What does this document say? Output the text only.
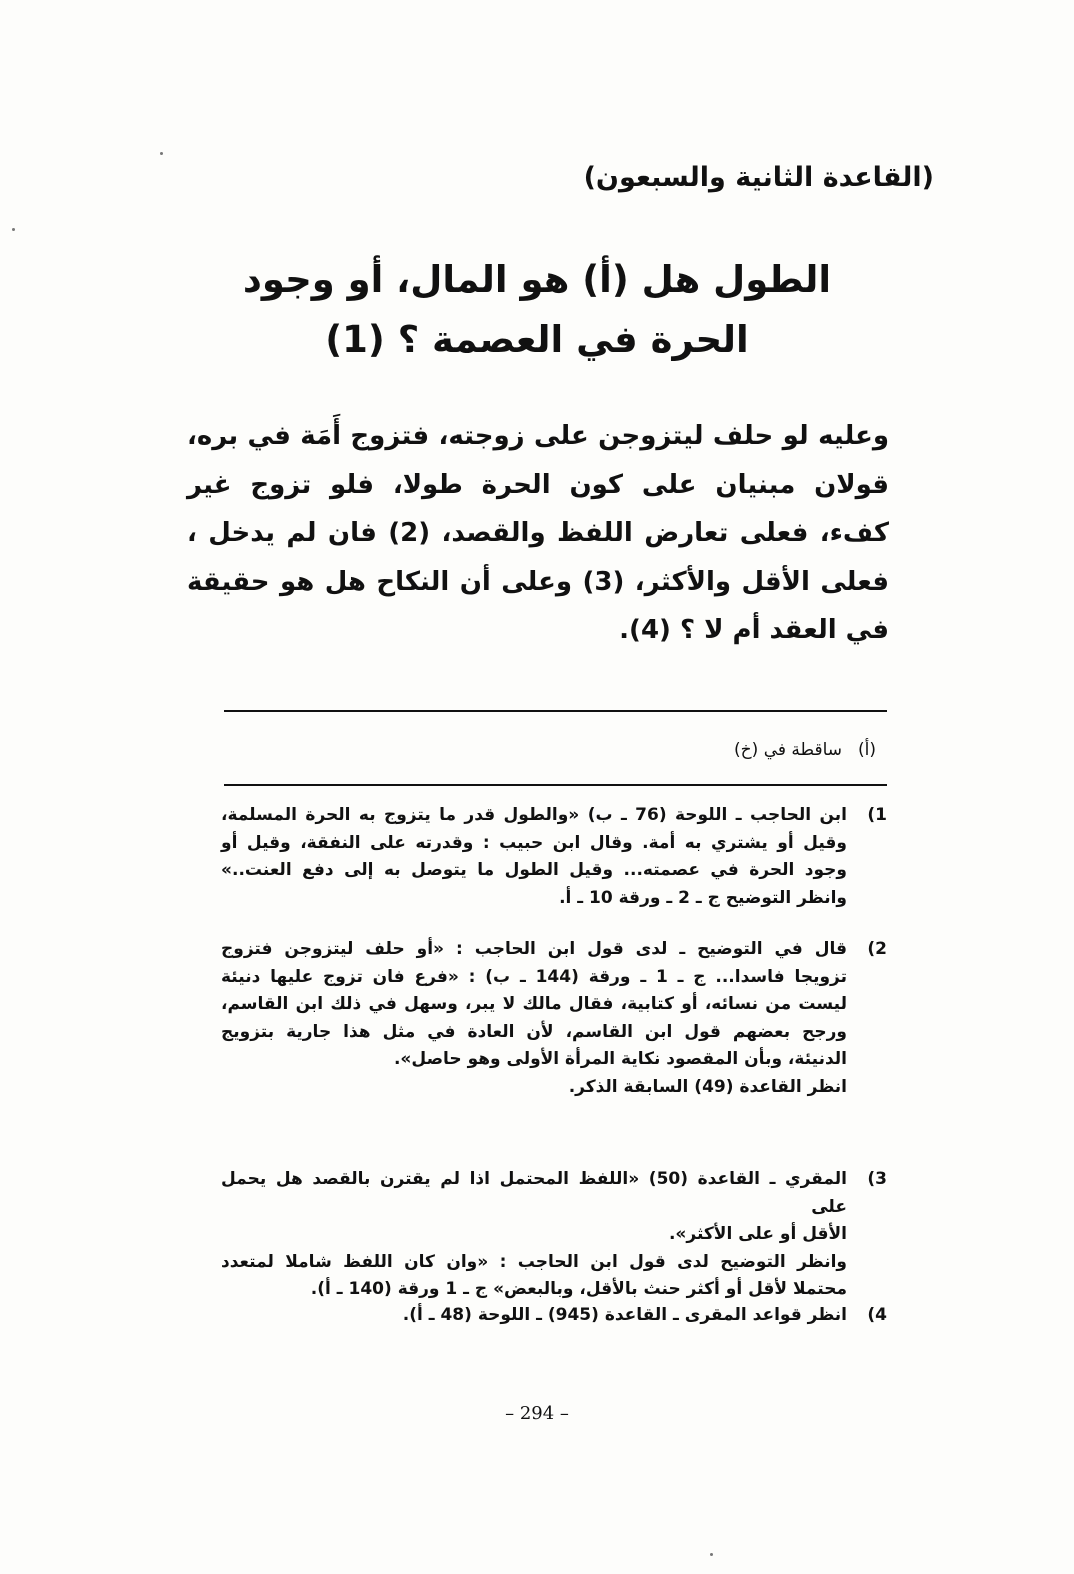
(القاعدة الثانية والسبعون)
الطول هل (أ) هو المال، أو وجود الحرة في العصمة ؟ (1)
وعليه لو حلف ليتزوجن على زوجته، فتزوج أَمَة في بره، قولان مبنيان على كون الحرة طولا، فلو تزوج غير كفء، فعلى تعارض اللفظ والقصد، (2) فان لم يدخل ، فعلى الأقل والأكثر، (3) وعلى أن النكاح هل هو حقيقة في العقد أم لا ؟ (4).
(أ)ساقطة في (خ)
1)
ابن الحاجب ـ اللوحة (76 ـ ب) «والطول قدر ما يتزوج به الحرة المسلمة،
وقيل أو يشتري به أمة. وقال ابن حبيب : وقدرته على النفقة، وقيل أو
وجود الحرة في عصمته... وقيل الطول ما يتوصل به إلى دفع العنت..»
وانظر التوضيح ج ـ 2 ـ ورقة 10 ـ أ.
2)
قال في التوضيح ـ لدى قول ابن الحاجب : «أو حلف ليتزوجن فتزوج
تزويجا فاسدا... ج ـ 1 ـ ورقة (144 ـ ب) : «فرع فان تزوج عليها دنيئة
ليست من نسائه، أو كتابية، فقال مالك لا يبر، وسهل في ذلك ابن القاسم،
ورجح بعضهم قول ابن القاسم، لأن العادة في مثل هذا جارية بتزويج
الدنيئة، وبأن المقصود نكاية المرأة الأولى وهو حاصل».
انظر القاعدة (49) السابقة الذكر.
3)
المقري ـ القاعدة (50) «اللفظ المحتمل اذا لم يقترن بالقصد هل يحمل على
الأقل أو على الأكثر».
وانظر التوضيح لدى قول ابن الحاجب : «وان كان اللفظ شاملا لمتعدد
محتملا لأقل أو أكثر حنث بالأقل، وبالبعض» ج ـ 1 ورقة (140 ـ أ).
4)
انظر قواعد المقرى ـ القاعدة (945) ـ اللوحة (48 ـ أ).
– 294 –
